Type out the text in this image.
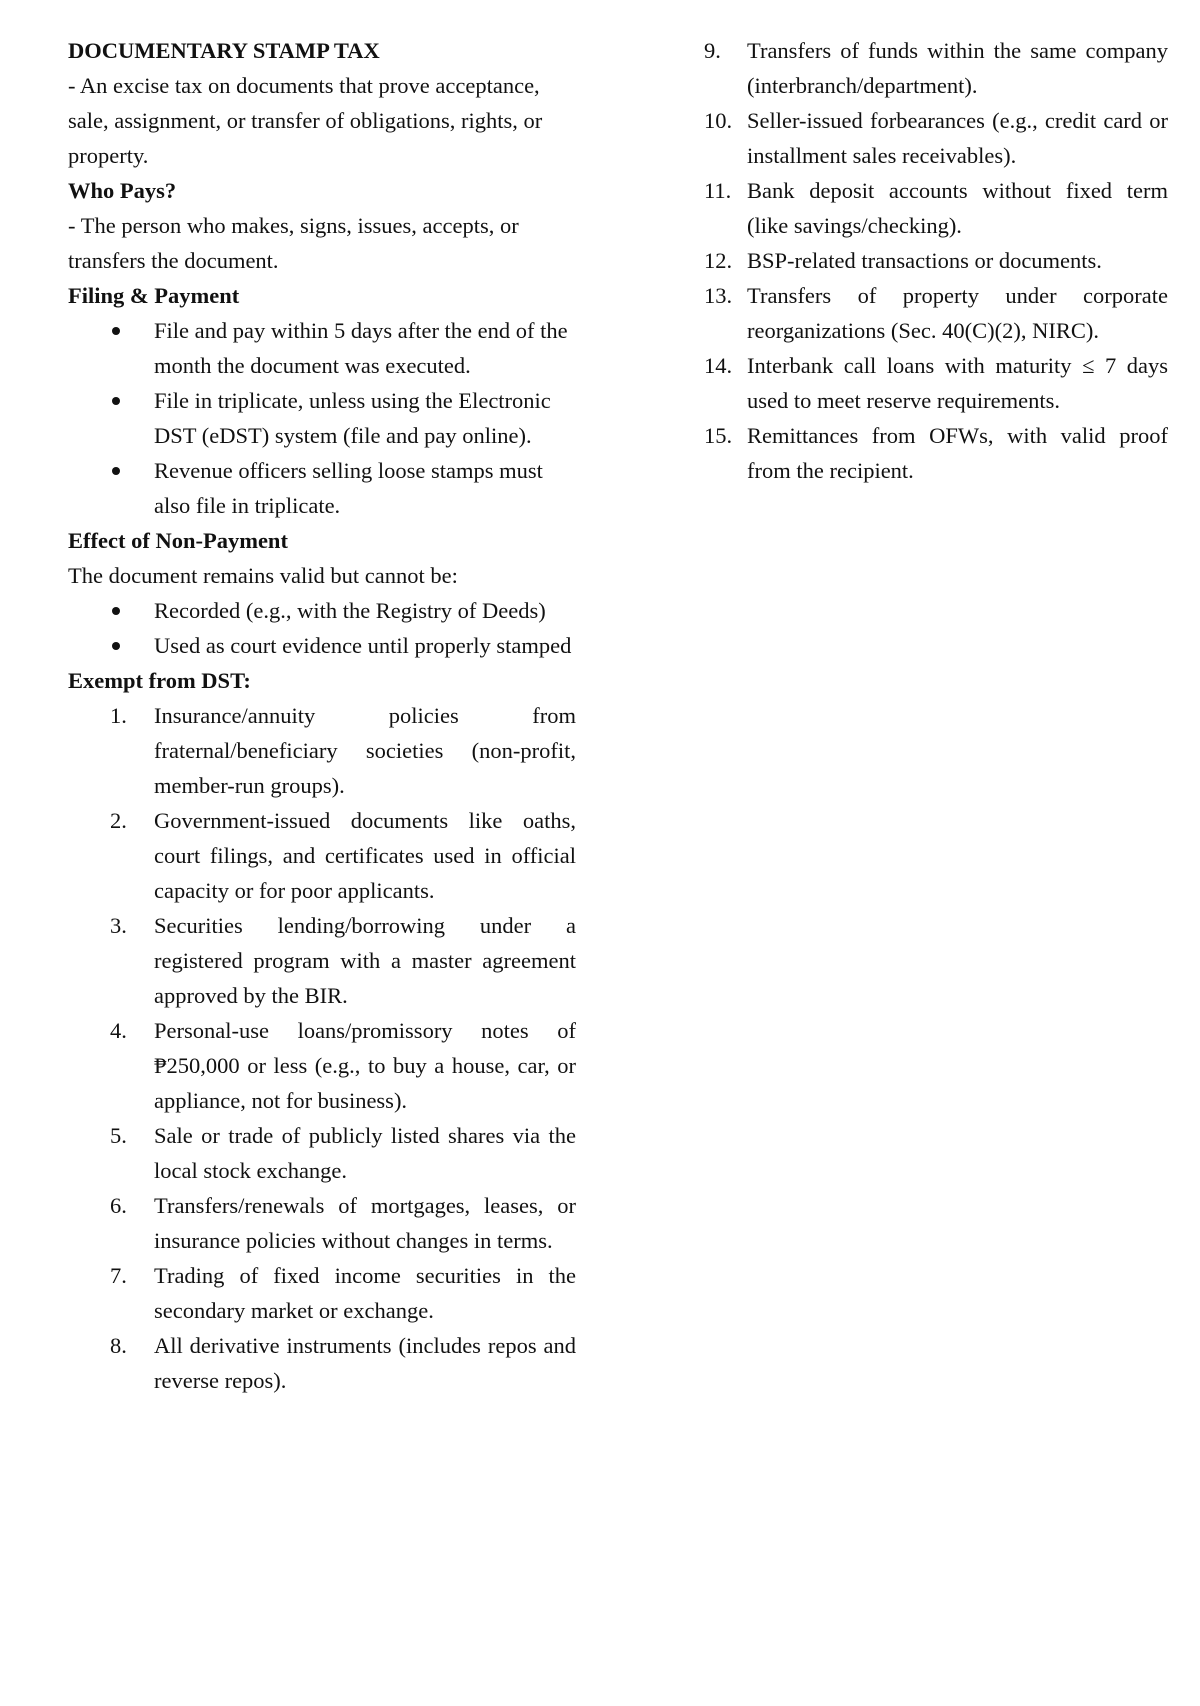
DOCUMENTARY STAMP TAX

- An excise tax on documents that prove acceptance, sale, assignment, or transfer of obligations, rights, or property.

Who Pays?

- The person who makes, signs, issues, accepts, or transfers the document.

Filing & Payment

File and pay within 5 days after the end of the month the document was executed.
File in triplicate, unless using the Electronic DST (eDST) system (file and pay online).
Revenue officers selling loose stamps must also file in triplicate.

Effect of Non-Payment

The document remains valid but cannot be:

Recorded (e.g., with the Registry of Deeds)
Used as court evidence until properly stamped

Exempt from DST:

1. Insurance/annuity policies from fraternal/beneficiary societies (non-profit, member-run groups).
2. Government-issued documents like oaths, court filings, and certificates used in official capacity or for poor applicants.
3. Securities lending/borrowing under a registered program with a master agreement approved by the BIR.
4. Personal-use loans/promissory notes of ₱250,000 or less (e.g., to buy a house, car, or appliance, not for business).
5. Sale or trade of publicly listed shares via the local stock exchange.
6. Transfers/renewals of mortgages, leases, or insurance policies without changes in terms.
7. Trading of fixed income securities in the secondary market or exchange.
8. All derivative instruments (includes repos and reverse repos).
9. Transfers of funds within the same company (interbranch/department).
10. Seller-issued forbearances (e.g., credit card or installment sales receivables).
11. Bank deposit accounts without fixed term (like savings/checking).
12. BSP-related transactions or documents.
13. Transfers of property under corporate reorganizations (Sec. 40(C)(2), NIRC).
14. Interbank call loans with maturity ≤ 7 days used to meet reserve requirements.
15. Remittances from OFWs, with valid proof from the recipient.
